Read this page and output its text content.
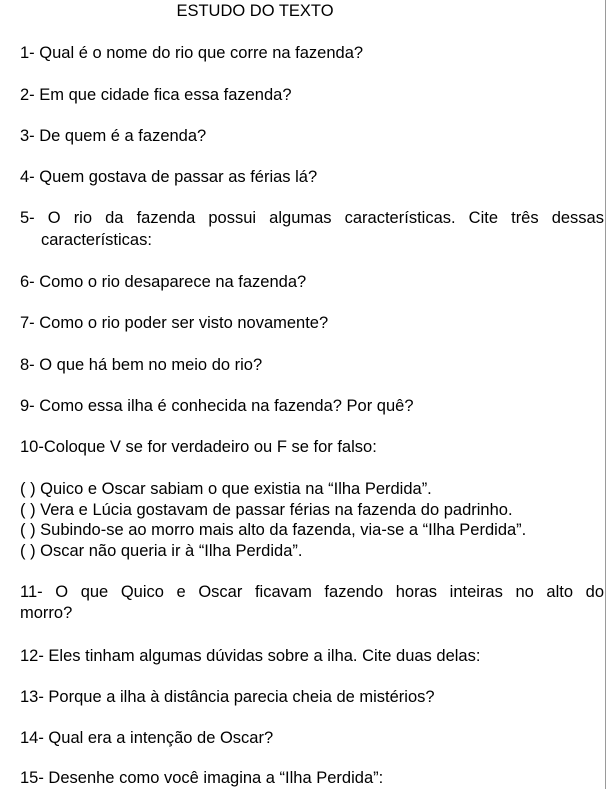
ESTUDO DO TEXTO
1- Qual é o nome do rio que corre na fazenda?
2- Em que cidade fica essa fazenda?
3- De quem é a fazenda?
4- Quem gostava de passar as férias lá?
5- O rio da fazenda possui algumas características. Cite três dessas
características:
6- Como o rio desaparece na fazenda?
7- Como o rio poder ser visto novamente?
8- O que há bem no meio do rio?
9- Como essa ilha é conhecida na fazenda? Por quê?
10-Coloque V se for verdadeiro ou F se for falso:
( ) Quico e Oscar sabiam o que existia na “Ilha Perdida”.
( ) Vera e Lúcia gostavam de passar férias na fazenda do padrinho.
( ) Subindo-se ao morro mais alto da fazenda, via-se a “Ilha Perdida”.
( ) Oscar não queria ir à “Ilha Perdida”.
11- O que Quico e Oscar ficavam fazendo horas inteiras no alto do
morro?
12- Eles tinham algumas dúvidas sobre a ilha. Cite duas delas:
13- Porque a ilha à distância parecia cheia de mistérios?
14- Qual era a intenção de Oscar?
15- Desenhe como você imagina a “Ilha Perdida”:
